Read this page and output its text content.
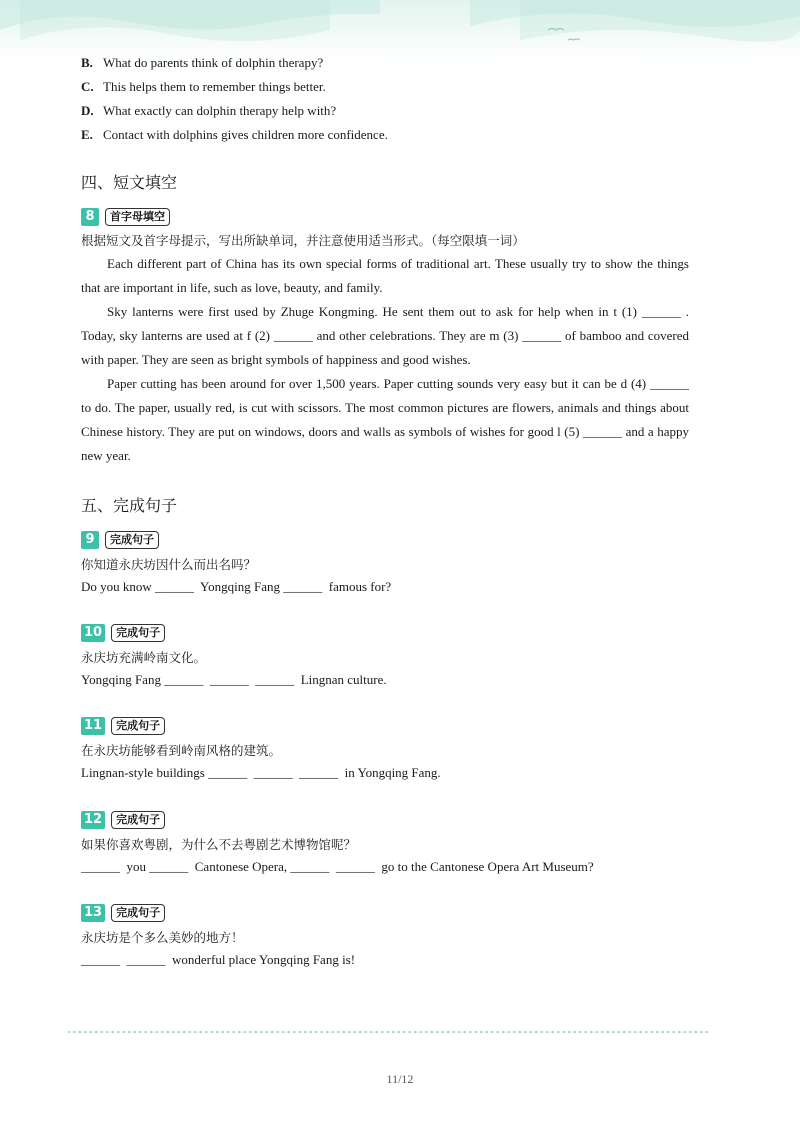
B. What do parents think of dolphin therapy?
C. This helps them to remember things better.
D. What exactly can dolphin therapy help with?
E. Contact with dolphins gives children more confidence.
四、短文填空
8	首字母填空
根据短文及首字母提示，写出所缺单词，并注意使用适当形式。（每空限填一词）
Each different part of China has its own special forms of traditional art. These usually try to show the things that are important in life, such as love, beauty, and family.
Sky lanterns were first used by Zhuge Kongming. He sent them out to ask for help when in t (1) ______ . Today, sky lanterns are used at f (2) ______ and other celebrations. They are m (3) ______ of bamboo and covered with paper. They are seen as bright symbols of happiness and good wishes.
Paper cutting has been around for over 1,500 years. Paper cutting sounds very easy but it can be d (4) ______ to do. The paper, usually red, is cut with scissors. The most common pictures are flowers, animals and things about Chinese history. They are put on windows, doors and walls as symbols of wishes for good l (5) ______ and a happy new year.
五、完成句子
9	完成句子
你知道永庆坊因什么而出名吗？
Do you know ______  Yongqing Fang ______  famous for?
10	完成句子
永庆坊充满岭南文化。
Yongqing Fang ______  ______  ______  Lingnan culture.
11	完成句子
在永庆坊能够看到岭南风格的建筑。
Lingnan-style buildings ______  ______  ______  in Yongqing Fang.
12	完成句子
如果你喜欢粤剧，为什么不去粤剧艺术博物馆呢？
______  you ______  Cantonese Opera, ______  ______  go to the Cantonese Opera Art Museum?
13	完成句子
永庆坊是个多么美妙的地方！
______  ______  wonderful place Yongqing Fang is!
11/12
